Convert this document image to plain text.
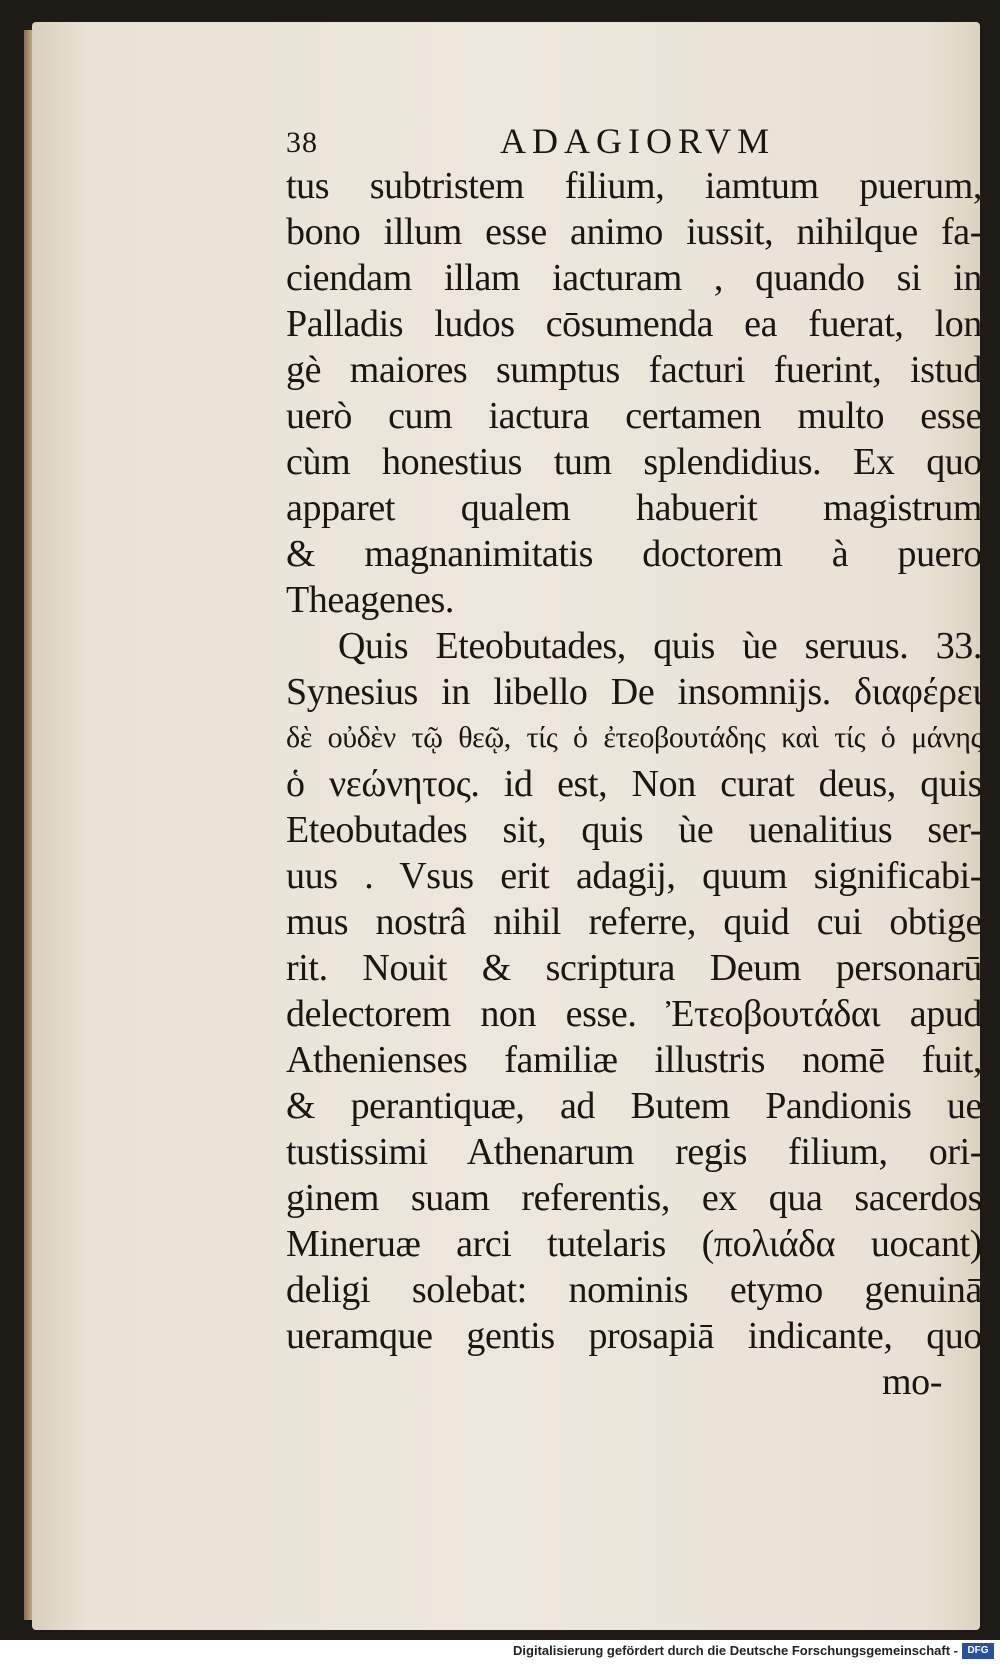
38	ADAGIORVM
tus subtristem filium, iamtum puerum,
bono illum esse animo iussit, nihilque fa-
ciendam illam iacturam , quando si in
Palladis ludos cōsumenda ea fuerat, lon
gè maiores sumptus facturi fuerint, istud
uerò cum iactura certamen multo esse
cùm honestius tum splendidius. Ex quo
apparet qualem habuerit magistrum
& magnanimitatis doctorem à puero
Theagenes.
Quis Eteobutades, quis ùe seruus. 33.
Synesius in libello De insomnijs. διαφέρει
δὲ οὐδὲν τῷ θεῷ, τίς ὁ ἐτεοβουτάδης καὶ τίς ὁ μάνης
ὁ νεώνητος. id est, Non curat deus, quis
Eteobutades sit, quis ùe uenalitius ser-
uus . Vsus erit adagij, quum significabi-
mus nostrâ nihil referre, quid cui obtige
rit. Nouit & scriptura Deum personarū
delectorem non esse. Ἐτεοβουτάδαι apud
Athenienses familiæ illustris nomē fuit,
& perantiquæ, ad Butem Pandionis ue
tustissimi Athenarum regis filium, ori-
ginem suam referentis, ex qua sacerdos
Mineruæ arci tutelaris (πολιάδα uocant)
deligi solebat: nominis etymo genuinā
ueramque gentis prosapiā indicante, quo
mo-
Digitalisierung gefördert durch die Deutsche Forschungsgemeinschaft - DFG
